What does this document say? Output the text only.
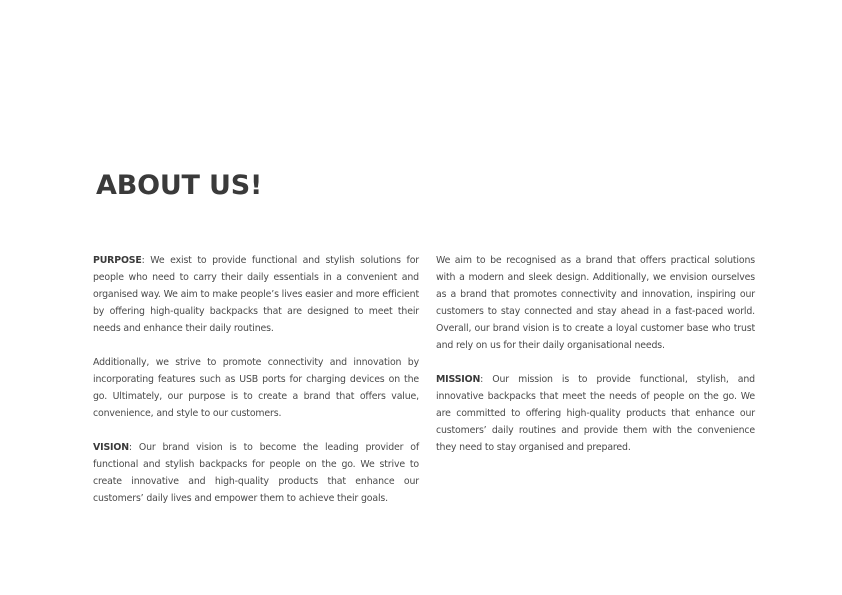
ABOUT US!

PURPOSE: We exist to provide functional and stylish solutions for people who need to carry their daily essentials in a convenient and organised way. We aim to make people’s lives easier and more efficient by offering high-quality backpacks that are designed to meet their needs and enhance their daily routines.

Additionally, we strive to promote connectivity and innovation by incorporating features such as USB ports for charging devices on the go. Ultimately, our purpose is to create a brand that offers value, convenience, and style to our customers.

VISION: Our brand vision is to become the leading provider of functional and stylish backpacks for people on the go. We strive to create innovative and high-quality products that enhance our customers’ daily lives and empower them to achieve their goals.

We aim to be recognised as a brand that offers practical solutions with a modern and sleek design. Additionally, we envision ourselves as a brand that promotes connectivity and innovation, inspiring our customers to stay connected and stay ahead in a fast-paced world. Overall, our brand vision is to create a loyal customer base who trust and rely on us for their daily organisational needs.

MISSION: Our mission is to provide functional, stylish, and innovative backpacks that meet the needs of people on the go. We are committed to offering high-quality products that enhance our customers’ daily routines and provide them with the convenience they need to stay organised and prepared.
